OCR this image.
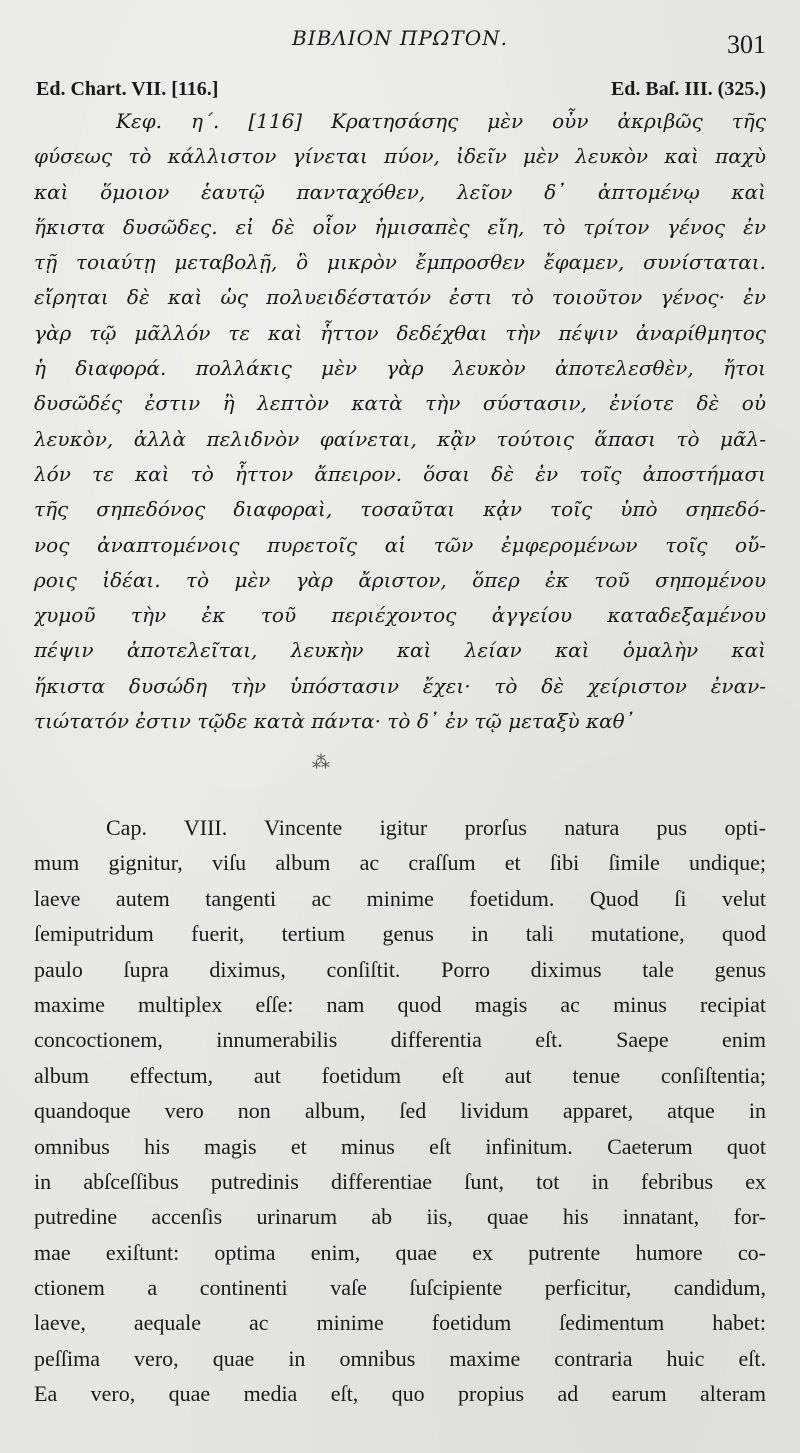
ΒΙΒΛΙΟΝ ΠΡΩΤΟΝ.	301
Ed. Chart. VII. [116.]	Ed. Baſ. III. (325.)
Κεφ. η΄. [116] Κρατησάσης μὲν οὖν ἀκριβῶς τῆς
φύσεως τὸ κάλλιστον γίνεται πύον, ἰδεῖν μὲν λευκὸν καὶ παχὺ
καὶ ὅμοιον ἑαυτῷ πανταχόθεν, λεῖον δ᾽ ἁπτομένῳ καὶ
ἥκιστα δυσῶδες. εἰ δὲ οἷον ἡμισαπὲς εἴη, τὸ τρίτον γένος ἐν
τῇ τοιαύτῃ μεταβολῇ, ὃ μικρὸν ἔμπροσθεν ἔφαμεν, συνίσταται.
εἴρηται δὲ καὶ ὡς πολυειδέστατόν ἐστι τὸ τοιοῦτον γένος· ἐν
γὰρ τῷ μᾶλλόν τε καὶ ἧττον δεδέχθαι τὴν πέψιν ἀναρίθμητος
ἡ διαφορά. πολλάκις μὲν γὰρ λευκὸν ἀποτελεσθὲν, ἤτοι
δυσῶδές ἐστιν ἢ λεπτὸν κατὰ τὴν σύστασιν, ἐνίοτε δὲ οὐ
λευκὸν, ἀλλὰ πελιδνὸν φαίνεται, κᾂν τούτοις ἅπασι τὸ μᾶλ-
λόν τε καὶ τὸ ἧττον ἄπειρον. ὅσαι δὲ ἐν τοῖς ἀποστήμασι
τῆς σηπεδόνος διαφοραὶ, τοσαῦται κᾀν τοῖς ὑπὸ σηπεδό-
νος ἀναπτομένοις πυρετοῖς αἱ τῶν ἐμφερομένων τοῖς οὔ-
ροις ἰδέαι. τὸ μὲν γὰρ ἄριστον, ὅπερ ἐκ τοῦ σηπομένου
χυμοῦ τὴν ἐκ τοῦ περιέχοντος ἀγγείου καταδεξαμένου
πέψιν ἀποτελεῖται, λευκὴν καὶ λείαν καὶ ὁμαλὴν καὶ
ἥκιστα δυσώδη τὴν ὑπόστασιν ἔχει· τὸ δὲ χείριστον ἐναν-
τιώτατόν ἐστιν τῷδε κατὰ πάντα· τὸ δ᾽ ἐν τῷ μεταξὺ καθ᾽
⁂
Cap. VIII. Vincente igitur prorſus natura pus opti-
mum gignitur, viſu album ac craſſum et ſibi ſimile undique;
laeve autem tangenti ac minime foetidum. Quod ſi velut
ſemiputridum fuerit, tertium genus in tali mutatione, quod
paulo ſupra diximus, conſiſtit. Porro diximus tale genus
maxime multiplex eſſe: nam quod magis ac minus recipiat
concoctionem, innumerabilis differentia eſt. Saepe enim
album effectum, aut foetidum eſt aut tenue conſiſtentia;
quandoque vero non album, ſed lividum apparet, atque in
omnibus his magis et minus eſt infinitum. Caeterum quot
in abſceſſibus putredinis differentiae ſunt, tot in febribus ex
putredine accenſis urinarum ab iis, quae his innatant, for-
mae exiſtunt: optima enim, quae ex putrente humore co-
ctionem a continenti vaſe ſuſcipiente perficitur, candidum,
laeve, aequale ac minime foetidum ſedimentum habet:
peſſima vero, quae in omnibus maxime contraria huic eſt.
Ea vero, quae media eſt, quo propius ad earum alteram
